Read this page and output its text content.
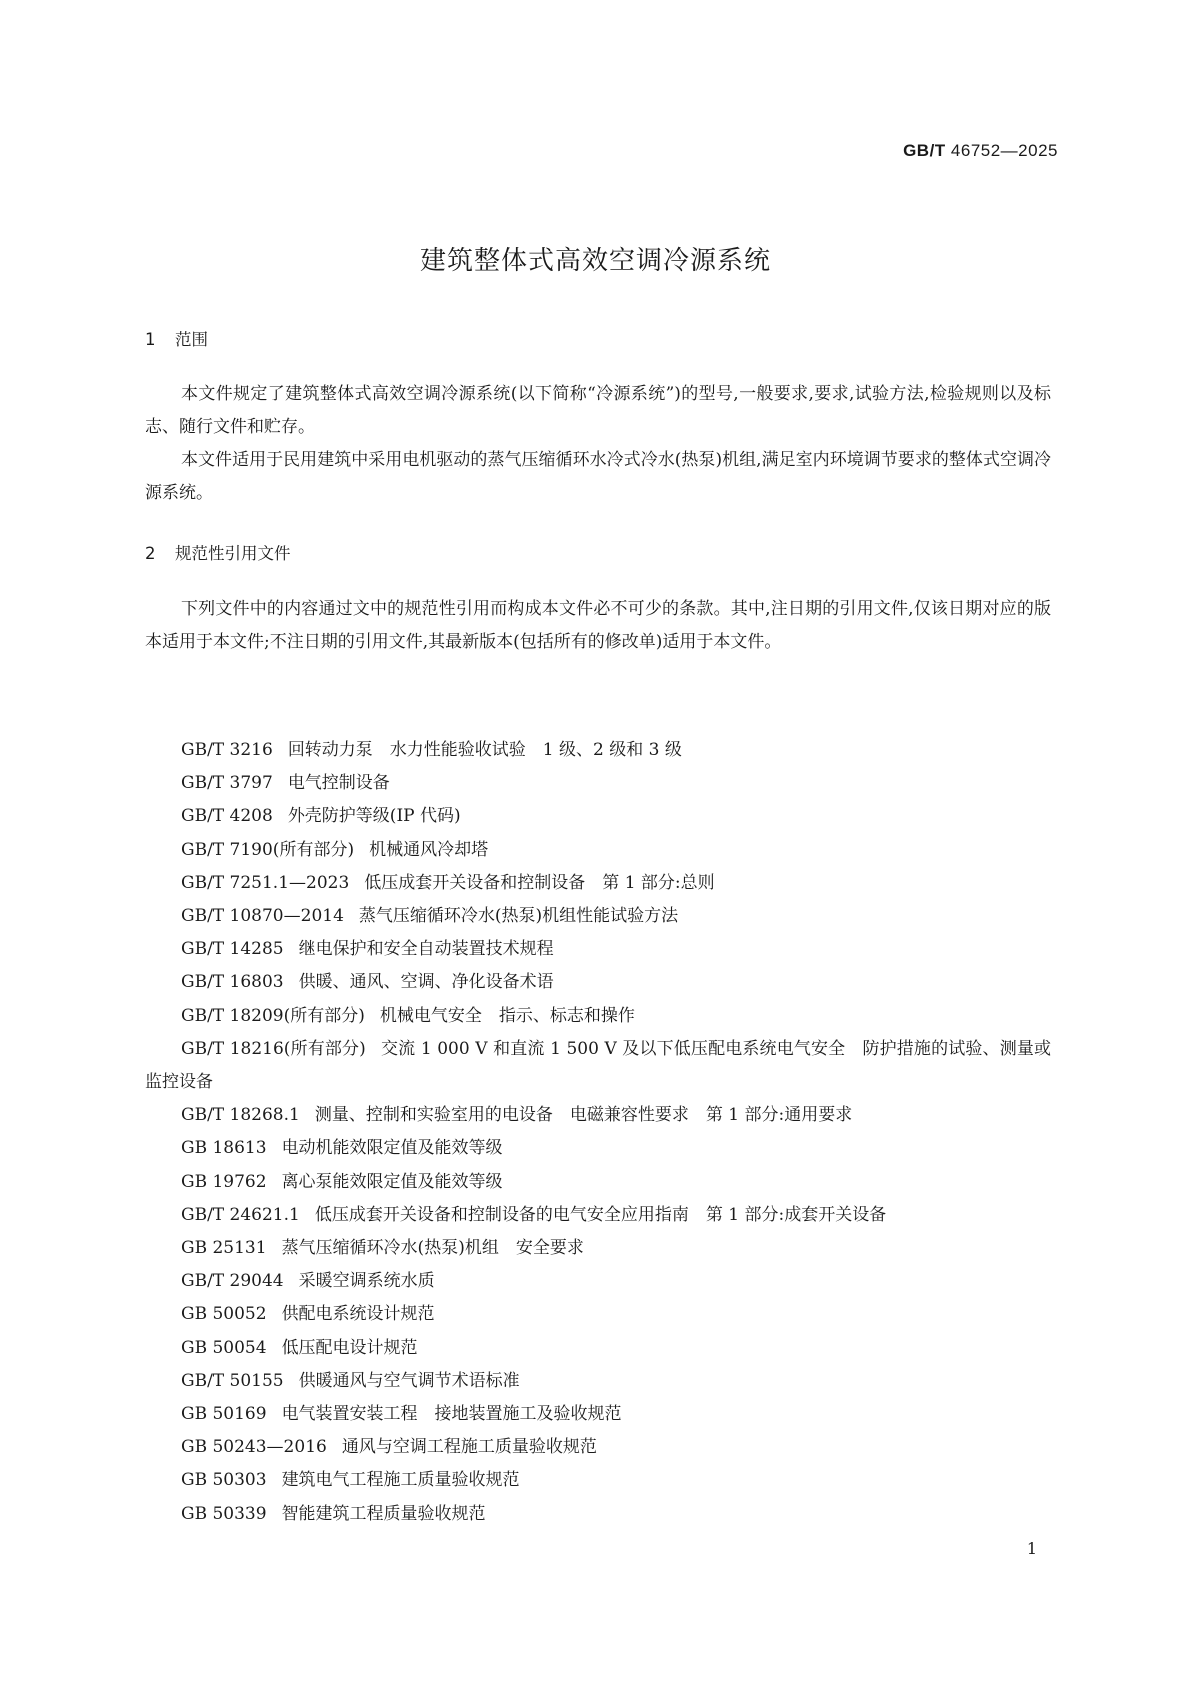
GB/T 46752—2025
建筑整体式高效空调冷源系统
1 范围

本文件规定了建筑整体式高效空调冷源系统(以下简称“冷源系统”)的型号,一般要求,要求,试验方法,检验规则以及标志、随行文件和贮存。

本文件适用于民用建筑中采用电机驱动的蒸气压缩循环水冷式冷水(热泵)机组,满足室内环境调节要求的整体式空调冷源系统。

2 规范性引用文件

下列文件中的内容通过文中的规范性引用而构成本文件必不可少的条款。其中,注日期的引用文件,仅该日期对应的版本适用于本文件;不注日期的引用文件,其最新版本(包括所有的修改单)适用于本文件。

GB/T 3216 回转动力泵　水力性能验收试验　1 级、2 级和 3 级
GB/T 3797 电气控制设备
GB/T 4208 外壳防护等级(IP 代码)
GB/T 7190(所有部分) 机械通风冷却塔
GB/T 7251.1—2023 低压成套开关设备和控制设备　第 1 部分:总则
GB/T 10870—2014 蒸气压缩循环冷水(热泵)机组性能试验方法
GB/T 14285 继电保护和安全自动装置技术规程
GB/T 16803 供暖、通风、空调、净化设备术语
GB/T 18209(所有部分) 机械电气安全　指示、标志和操作
GB/T 18216(所有部分) 交流 1 000 V 和直流 1 500 V 及以下低压配电系统电气安全　防护措施的试验、测量或监控设备
GB/T 18268.1 测量、控制和实验室用的电设备　电磁兼容性要求　第 1 部分:通用要求
GB 18613 电动机能效限定值及能效等级
GB 19762 离心泵能效限定值及能效等级
GB/T 24621.1 低压成套开关设备和控制设备的电气安全应用指南　第 1 部分:成套开关设备
GB 25131 蒸气压缩循环冷水(热泵)机组　安全要求
GB/T 29044 采暖空调系统水质
GB 50052 供配电系统设计规范
GB 50054 低压配电设计规范
GB/T 50155 供暖通风与空气调节术语标准
GB 50169 电气装置安装工程　接地装置施工及验收规范
GB 50243—2016 通风与空调工程施工质量验收规范
GB 50303 建筑电气工程施工质量验收规范
GB 50339 智能建筑工程质量验收规范
1
